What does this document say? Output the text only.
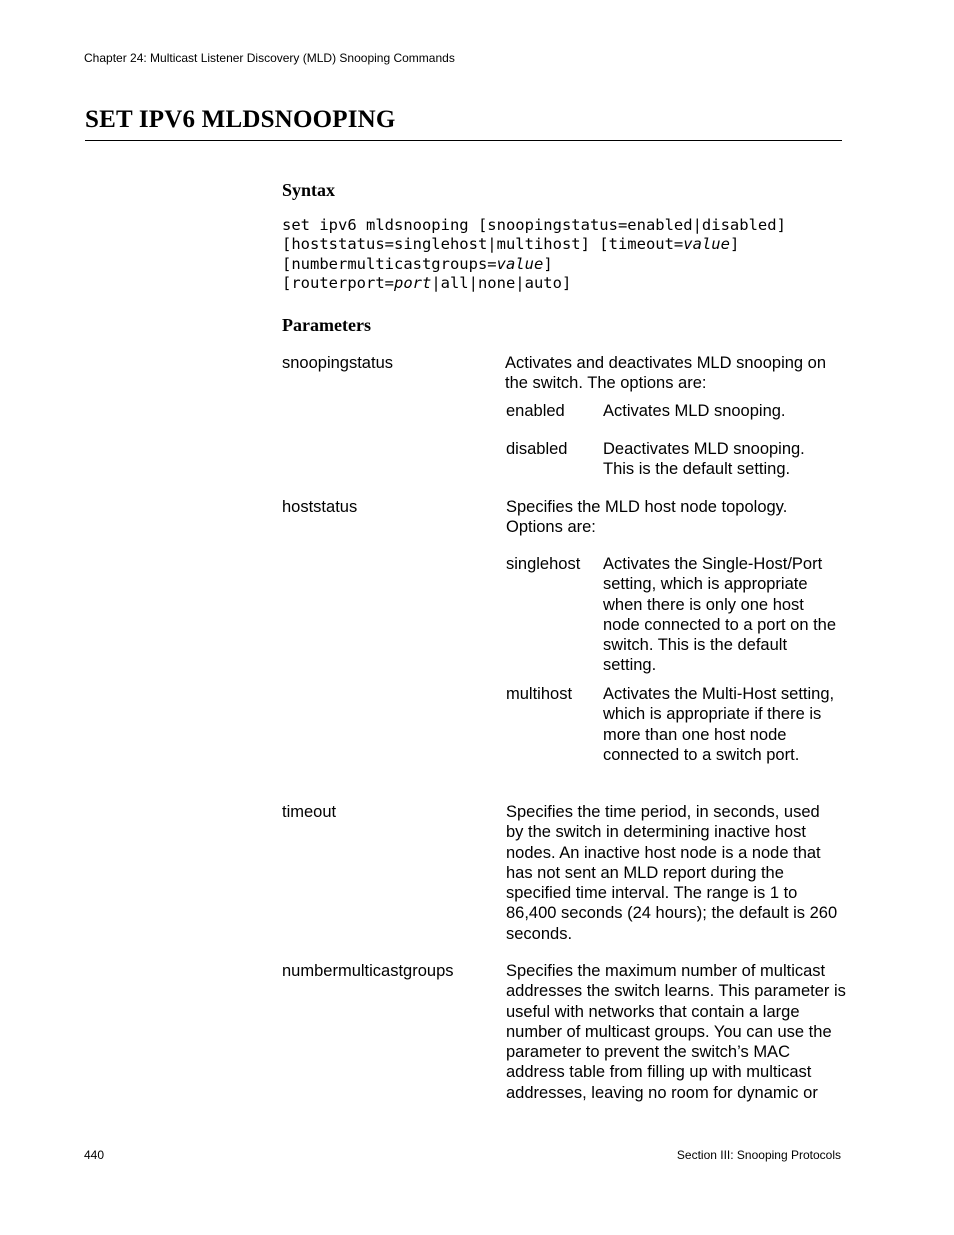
Chapter 24: Multicast Listener Discovery (MLD) Snooping Commands
SET IPV6 MLDSNOOPING
Syntax
set ipv6 mldsnooping [snoopingstatus=enabled|disabled]
[hoststatus=singlehost|multihost] [timeout=value]
[numbermulticastgroups=value]
[routerport=port|all|none|auto]
Parameters
snoopingstatus	Activates and deactivates MLD snooping on the switch. The options are:
enabled Activates MLD snooping.
disabled Deactivates MLD snooping. This is the default setting.
hoststatus	Specifies the MLD host node topology. Options are:
singlehost Activates the Single-Host/Port setting, which is appropriate when there is only one host node connected to a port on the switch. This is the default setting.
multihost Activates the Multi-Host setting, which is appropriate if there is more than one host node connected to a switch port.
timeout	Specifies the time period, in seconds, used by the switch in determining inactive host nodes. An inactive host node is a node that has not sent an MLD report during the specified time interval. The range is 1 to 86,400 seconds (24 hours); the default is 260 seconds.
numbermulticastgroups	Specifies the maximum number of multicast addresses the switch learns. This parameter is useful with networks that contain a large number of multicast groups. You can use the parameter to prevent the switch’s MAC address table from filling up with multicast addresses, leaving no room for dynamic or
440	Section III: Snooping Protocols
